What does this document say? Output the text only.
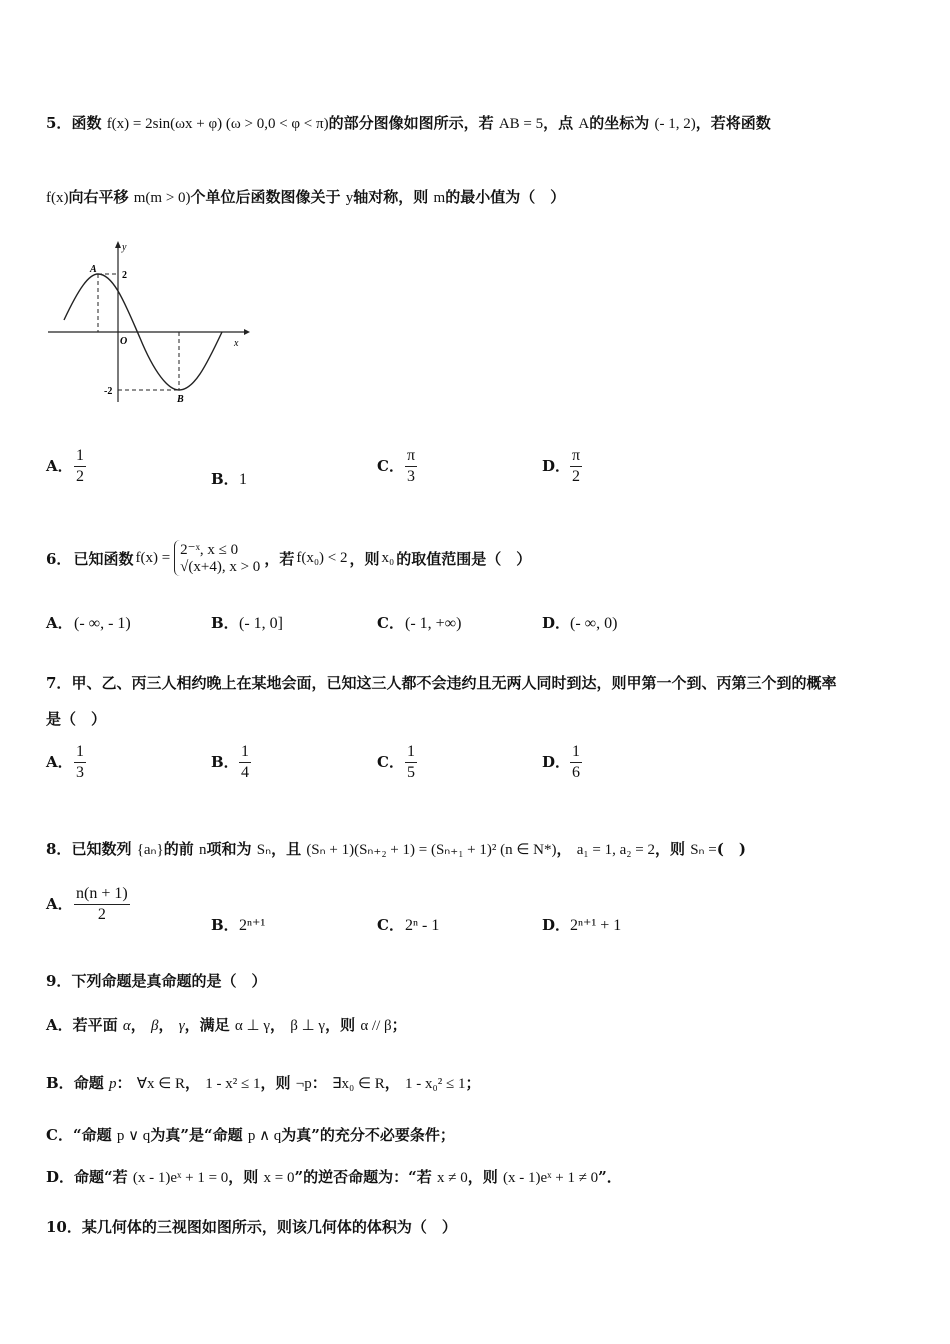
5．函数 f(x) = 2sin(ωx + φ) (ω > 0,0 < φ < π)的部分图像如图所示，若 AB = 5，点 A的坐标为 (- 1, 2)，若将函数
f(x)向右平移 m(m > 0)个单位后函数图像关于 y轴对称，则 m的最小值为（　）
A
2
y
O	x
-2
B
A． $\frac{1}{2}$	B．1
C． $\frac{\pi}{3}$	D． $\frac{\pi}{2}$
6． 已知函数 f(x) = 2⁻ˣ, x ≤ 0
√(x+4), x > 0 ，若 f(x₀) < 2 ，则 x₀ 的取值范围是（　）
A．(- ∞, - 1)	B．(- 1, 0]	C．(- 1, +∞)	D．(- ∞, 0)
7．甲、乙、丙三人相约晚上在某地会面，已知这三人都不会违约且无两人同时到达，则甲第一个到、丙第三个到的概率
是（　）
A． $\frac{1}{3}$	B． $\frac{1}{4}$	C． $\frac{1}{5}$	D． $\frac{1}{6}$
8．已知数列 {aₙ}的前 n项和为 Sₙ，且 (Sₙ + 1)(Sₙ₊₂ + 1) = (Sₙ₊₁ + 1)² (n ∈ N*)， a₁ = 1, a₂ = 2，则 Sₙ =(　)
A． $\frac{n(n + 1)}{2}$	B．2ⁿ⁺¹	C．2ⁿ - 1	D．2ⁿ⁺¹ + 1
9．下列命题是真命题的是（　）
A．若平面 α， β， γ，满足 α ⊥ γ， β ⊥ γ，则 α // β；
B．命题 p： ∀x ∈ R， 1 - x² ≤ 1，则 ¬p： ∃x₀ ∈ R， 1 - x₀² ≤ 1；
C．“命题 p ∨ q为真”是“命题 p ∧ q为真”的充分不必要条件；
D．命题“若 (x - 1)eˣ + 1 = 0，则 x = 0”的逆否命题为：“若 x ≠ 0，则 (x - 1)eˣ + 1 ≠ 0”．
10．某几何体的三视图如图所示，则该几何体的体积为（　）
